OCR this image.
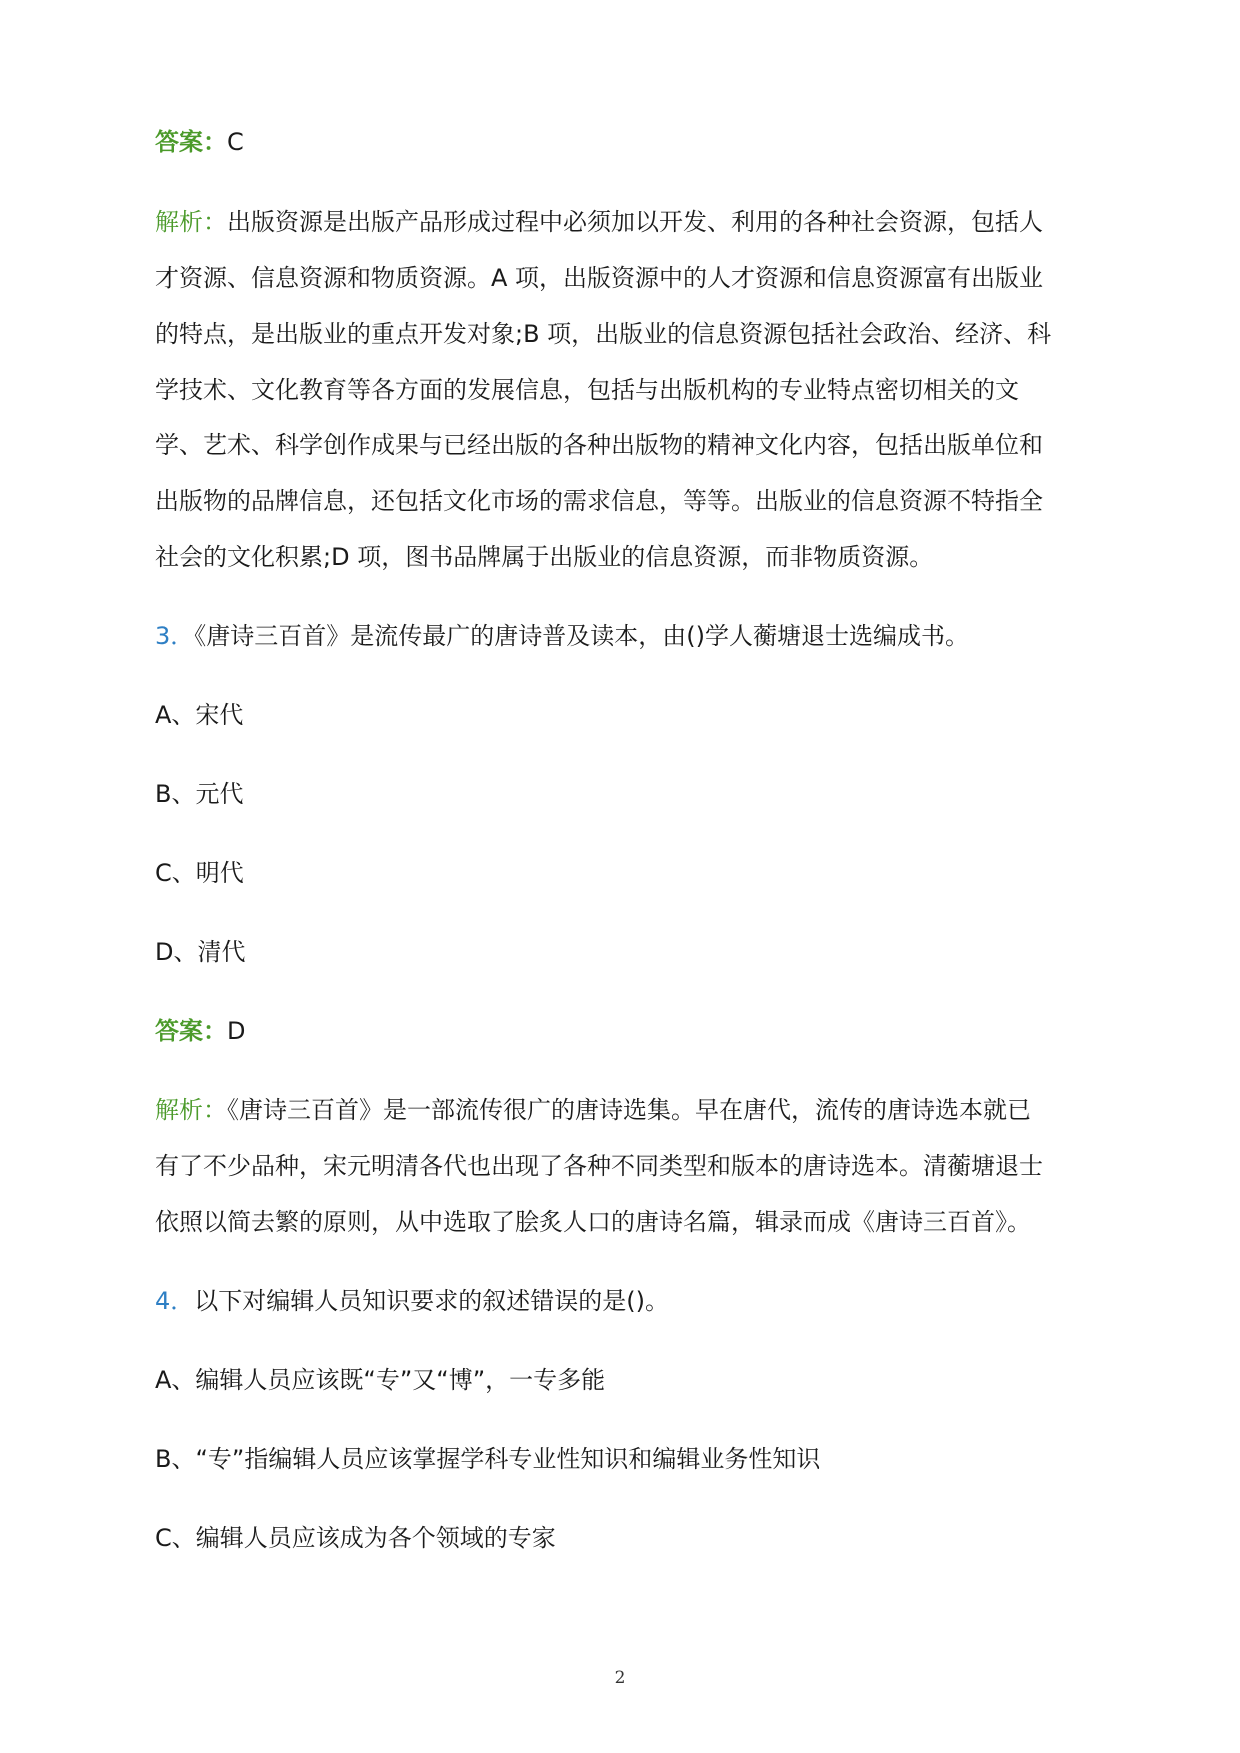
答案：C
解析：出版资源是出版产品形成过程中必须加以开发、利用的各种社会资源，包括人
才资源、信息资源和物质资源。A 项，出版资源中的人才资源和信息资源富有出版业
的特点，是出版业的重点开发对象;B 项，出版业的信息资源包括社会政治、经济、科
学技术、文化教育等各方面的发展信息，包括与出版机构的专业特点密切相关的文
学、艺术、科学创作成果与已经出版的各种出版物的精神文化内容，包括出版单位和
出版物的品牌信息，还包括文化市场的需求信息，等等。出版业的信息资源不特指全
社会的文化积累;D 项，图书品牌属于出版业的信息资源，而非物质资源。
3．《唐诗三百首》是流传最广的唐诗普及读本，由()学人蘅塘退士选编成书。
A、宋代
B、元代
C、明代
D、清代
答案：D
解析：《唐诗三百首》是一部流传很广的唐诗选集。早在唐代，流传的唐诗选本就已
有了不少品种，宋元明清各代也出现了各种不同类型和版本的唐诗选本。清蘅塘退士
依照以简去繁的原则，从中选取了脍炙人口的唐诗名篇，辑录而成《唐诗三百首》。
4．以下对编辑人员知识要求的叙述错误的是()。
A、编辑人员应该既“专”又“博”，一专多能
B、“专”指编辑人员应该掌握学科专业性知识和编辑业务性知识
C、编辑人员应该成为各个领域的专家
2
